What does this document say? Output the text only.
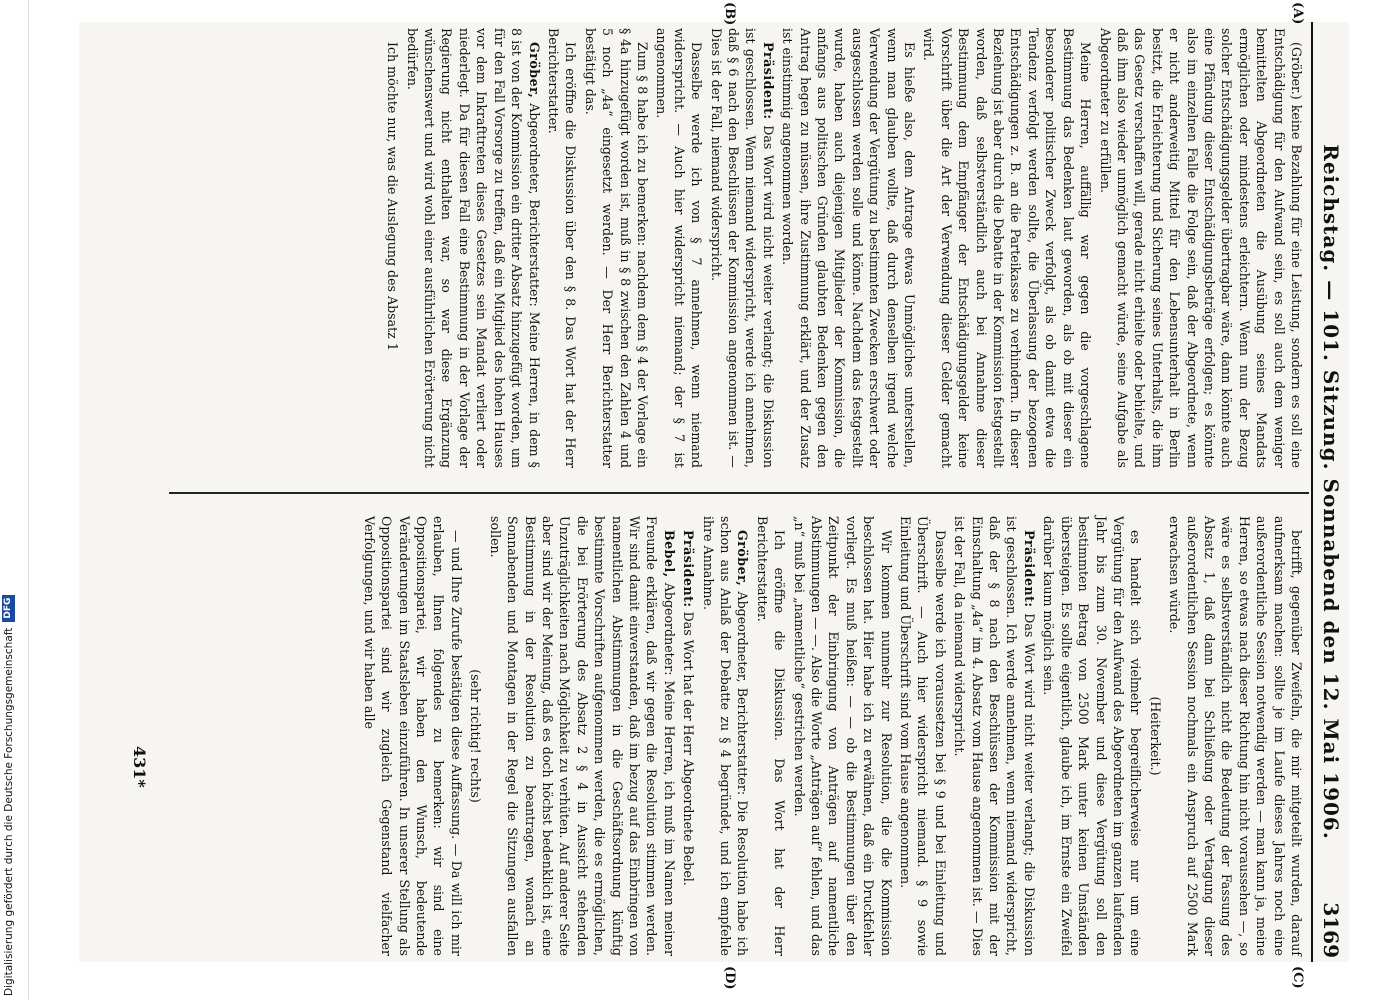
Reichstag. — 101. Sitzung. Sonnabend den 12. Mai 1906.
3169
(A)
(B)
(C)
(D)

(Gröber.) keine Bezahlung für eine Leistung, sondern es soll eine Entschädigung für den Aufwand sein, es soll auch dem weniger bemittelten Abgeordneten die Ausübung seines Mandats ermöglichen oder mindestens erleichtern. Wenn nun der Bezug solcher Entschädigungsgelder übertragbar wäre, dann könnte auch eine Pfändung dieser Entschädigungsbeträge erfolgen; es könnte also im einzelnen Falle die Folge sein, daß der Abgeordnete, wenn er nicht anderweitig Mittel für den Lebensunterhalt in Berlin besitzt, die Erleichterung und Sicherung seines Unterhalts, die ihm das Gesetz verschaffen will, gerade nicht erhielte oder behielte, und daß ihm also wieder unmöglich gemacht würde, seine Aufgabe als Abgeordneter zu erfüllen.

Meine Herren, auffällig war gegen die vorgeschlagene Bestimmung das Bedenken laut geworden, als ob mit dieser ein besonderer politischer Zweck verfolgt, als ob damit etwa die Tendenz verfolgt werden sollte, die Überlassung der bezogenen Entschädigungen z. B. an die Parteikasse zu verhindern. In dieser Beziehung ist aber durch die Debatte in der Kommission festgestellt worden, daß selbstverständlich auch bei Annahme dieser Bestimmung dem Empfänger der Entschädigungsgelder keine Vorschrift über die Art der Verwendung dieser Gelder gemacht wird.

Es hieße also, dem Antrage etwas Unmögliches unterstellen, wenn man glauben wollte, daß durch denselben irgend welche Verwendung der Vergütung zu bestimmten Zwecken erschwert oder ausgeschlossen werden solle und könne. Nachdem das festgestellt wurde, haben auch diejenigen Mitglieder der Kommission, die anfangs aus politischen Gründen glaubten Bedenken gegen den Antrag hegen zu müssen, ihre Zustimmung erklärt, und der Zusatz ist einstimmig angenommen worden.

Präsident: Das Wort wird nicht weiter verlangt; die Diskussion ist geschlossen. Wenn niemand widerspricht, werde ich annehmen, daß § 6 nach den Beschlüssen der Kommission angenommen ist. — Dies ist der Fall, niemand widerspricht.

Dasselbe werde ich von § 7 annehmen, wenn niemand widerspricht. — Auch hier widerspricht niemand; der § 7 ist angenommen.

Zum § 8 habe ich zu bemerken: nachdem dem § 4 der Vorlage ein § 4a hinzugefügt worden ist, muß in § 8 zwischen den Zahlen 4 und 5 noch „4a“ eingesetzt werden. — Der Herr Berichterstatter bestätigt das.

Ich eröffne die Diskussion über den § 8. Das Wort hat der Herr Berichterstatter.

Gröber, Abgeordneter, Berichterstatter: Meine Herren, in dem § 8 ist von der Kommission ein dritter Absatz hinzugefügt worden, um für den Fall Vorsorge zu treffen, daß ein Mitglied des hohen Hauses vor dem Inkrafttreten dieses Gesetzes sein Mandat verliert oder niederlegt. Da für diesen Fall eine Bestimmung in der Vorlage der Regierung nicht enthalten war, so war diese Ergänzung wünschenswert und wird wohl einer ausführlichen Erörterung nicht bedürfen.

Ich möchte nur, was die Auslegung des Absatz 1

betrifft, gegenüber Zweifeln, die mir mitgeteilt wurden, darauf aufmerksam machen: sollte je im Laufe dieses Jahres noch eine außerordentliche Session notwendig werden — man kann ja, meine Herren, so etwas nach dieser Richtung hin nicht voraussehen —, so wäre es selbstverständlich nicht die Bedeutung der Fassung des Absatz 1, daß dann bei Schließung oder Vertagung dieser außerordentlichen Session nochmals ein Anspruch auf 2500 Mark erwachsen würde.

(Heiterkeit.)

es handelt sich vielmehr begreiflicherweise nur um eine Vergütung für den Aufwand des Abgeordneten im ganzen laufenden Jahr bis zum 30. November und diese Vergütung soll den bestimmten Betrag von 2500 Mark unter keinen Umständen übersteigen. Es sollte eigentlich, glaube ich, im Ernste ein Zweifel darüber kaum möglich sein.

Präsident: Das Wort wird nicht weiter verlangt; die Diskussion ist geschlossen. Ich werde annehmen, wenn niemand widerspricht, daß der § 8 nach den Beschlüssen der Kommission mit der Einschaltung „4a“ im 4. Absatz vom Hause angenommen ist. — Dies ist der Fall, da niemand widerspricht.

Dasselbe werde ich voraussetzen bei § 9 und bei Einleitung und Überschrift. — Auch hier widerspricht niemand. § 9 sowie Einleitung und Überschrift sind vom Hause angenommen.

Wir kommen nunmehr zur Resolution, die die Kommission beschlossen hat. Hier habe ich zu erwähnen, daß ein Druckfehler vorliegt. Es muß heißen: — — ob die Bestimmungen über den Zeitpunkt der Einbringung von Anträgen auf namentliche Abstimmungen — —. Also die Worte „Anträgen auf“ fehlen, und das „n“ muß bei „namentliche“ gestrichen werden.

Ich eröffne die Diskussion. Das Wort hat der Herr Berichterstatter.

Gröber, Abgeordneter, Berichterstatter: Die Resolution habe ich schon aus Anlaß der Debatte zu § 4 begründet, und ich empfehle ihre Annahme.

Präsident: Das Wort hat der Herr Abgeordnete Bebel.

Bebel, Abgeordneter: Meine Herren, ich muß im Namen meiner Freunde erklären, daß wir gegen die Resolution stimmen werden. Wir sind damit einverstanden, daß im bezug auf das Einbringen von namentlichen Abstimmungen in die Geschäftsordnung künftig bestimmte Vorschriften aufgenommen werden, die es ermöglichen, die bei Erörterung des Absatz 2 § 4 in Aussicht stehenden Unzuträglichkeiten nach Möglichkeit zu verhüten. Auf anderer Seite aber sind wir der Meinung, daß es doch höchst bedenklich ist, eine Bestimmung in der Resolution zu beantragen, wonach an Sonnabenden und Montagen in der Regel die Sitzungen ausfallen sollen.

(sehr richtig! rechts)

— und Ihre Zurufe bestätigen diese Auffassung. — Da will ich mir erlauben, Ihnen folgendes zu bemerken: wir sind eine Oppositionspartei, wir haben den Wunsch, bedeutende Veränderungen im Staatsleben einzuführen. In unserer Stellung als Oppositionspartei sind wir zugleich Gegenstand vielfacher Verfolgungen, und wir haben alle

431*
Digitalisierung gefördert durch die Deutsche Forschungsgemeinschaft
DFG
